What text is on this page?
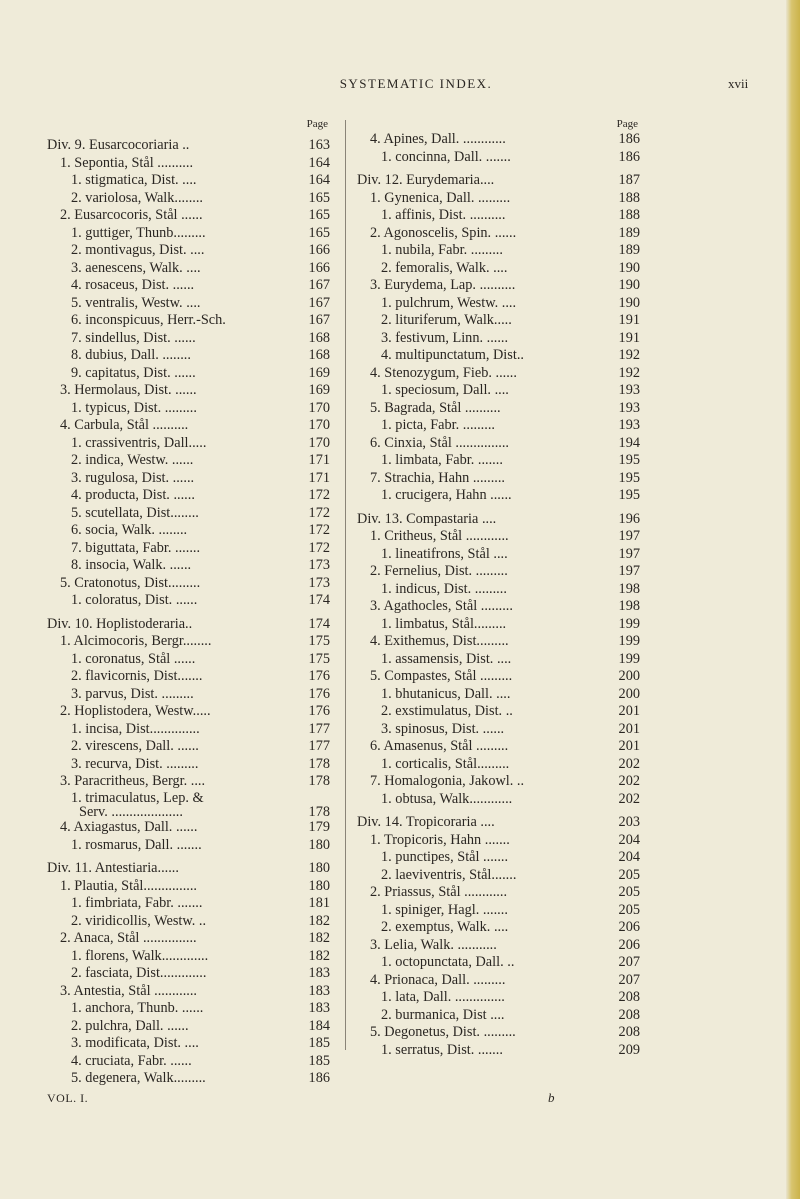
SYSTEMATIC INDEX.	xvii
Page
Div. 9. Eusarcocoriaria ..	163
1. Sepontia, Stål ..........	164
1. stigmatica, Dist. ....	164
2. variolosa, Walk........	165
2. Eusarcocoris, Stål ......	165
1. guttiger, Thunb.........	165
2. montivagus, Dist. ....	166
3. aenescens, Walk. ....	166
4. rosaceus, Dist. ......	167
5. ventralis, Westw. ....	167
6. inconspicuus, Herr.-Sch.	167
7. sindellus, Dist. ......	168
8. dubius, Dall. ........	168
9. capitatus, Dist. ......	169
3. Hermolaus, Dist. ......	169
1. typicus, Dist. .........	170
4. Carbula, Stål ..........	170
1. crassiventris, Dall.....	170
2. indica, Westw. ......	171
3. rugulosa, Dist. ......	171
4. producta, Dist. ......	172
5. scutellata, Dist........	172
6. socia, Walk. ........	172
7. biguttata, Fabr. .......	172
8. insocia, Walk. ......	173
5. Cratonotus, Dist.........	173
1. coloratus, Dist. ......	174
Div. 10. Hoplistoderaria..	174
1. Alcimocoris, Bergr........	175
1. coronatus, Stål ......	175
2. flavicornis, Dist.......	176
3. parvus, Dist. .........	176
2. Hoplistodera, Westw.....	176
1. incisa, Dist..............	177
2. virescens, Dall. ......	177
3. recurva, Dist. .........	178
3. Paracritheus, Bergr. ....	178
1. trimaculatus, Lep. &
Serv. ....................	178
4. Axiagastus, Dall. ......	179
1. rosmarus, Dall. .......	180
Div. 11. Antestiaria......	180
1. Plautia, Stål...............	180
1. fimbriata, Fabr. .......	181
2. viridicollis, Westw. ..	182
2. Anaca, Stål ...............	182
1. florens, Walk.............	182
2. fasciata, Dist.............	183
3. Antestia, Stål ............	183
1. anchora, Thunb. ......	183
2. pulchra, Dall. ......	184
3. modificata, Dist. ....	185
4. cruciata, Fabr. ......	185
5. degenera, Walk.........	186
Page
4. Apines, Dall. ............	186
1. concinna, Dall. .......	186
Div. 12. Eurydemaria....	187
1. Gynenica, Dall. .........	188
1. affinis, Dist. ..........	188
2. Agonoscelis, Spin. ......	189
1. nubila, Fabr. .........	189
2. femoralis, Walk. ....	190
3. Eurydema, Lap. ..........	190
1. pulchrum, Westw. ....	190
2. lituriferum, Walk.....	191
3. festivum, Linn. ......	191
4. multipunctatum, Dist..	192
4. Stenozygum, Fieb. ......	192
1. speciosum, Dall. ....	193
5. Bagrada, Stål ..........	193
1. picta, Fabr. .........	193
6. Cinxia, Stål ...............	194
1. limbata, Fabr. .......	195
7. Strachia, Hahn .........	195
1. crucigera, Hahn ......	195
Div. 13. Compastaria ....	196
1. Critheus, Stål ............	197
1. lineatifrons, Stål ....	197
2. Fernelius, Dist. .........	197
1. indicus, Dist. .........	198
3. Agathocles, Stål .........	198
1. limbatus, Stål.........	199
4. Exithemus, Dist.........	199
1. assamensis, Dist. ....	199
5. Compastes, Stål .........	200
1. bhutanicus, Dall. ....	200
2. exstimulatus, Dist. ..	201
3. spinosus, Dist. ......	201
6. Amasenus, Stål .........	201
1. corticalis, Stål.........	202
7. Homalogonia, Jakowl. ..	202
1. obtusa, Walk............	202
Div. 14. Tropicoraria ....	203
1. Tropicoris, Hahn .......	204
1. punctipes, Stål .......	204
2. laeviventris, Stål.......	205
2. Priassus, Stål ............	205
1. spiniger, Hagl. .......	205
2. exemptus, Walk. ....	206
3. Lelia, Walk. ...........	206
1. octopunctata, Dall. ..	207
4. Prionaca, Dall. .........	207
1. lata, Dall. ..............	208
2. burmanica, Dist ....	208
5. Degonetus, Dist. .........	208
1. serratus, Dist. .......	209
VOL. I.	b
